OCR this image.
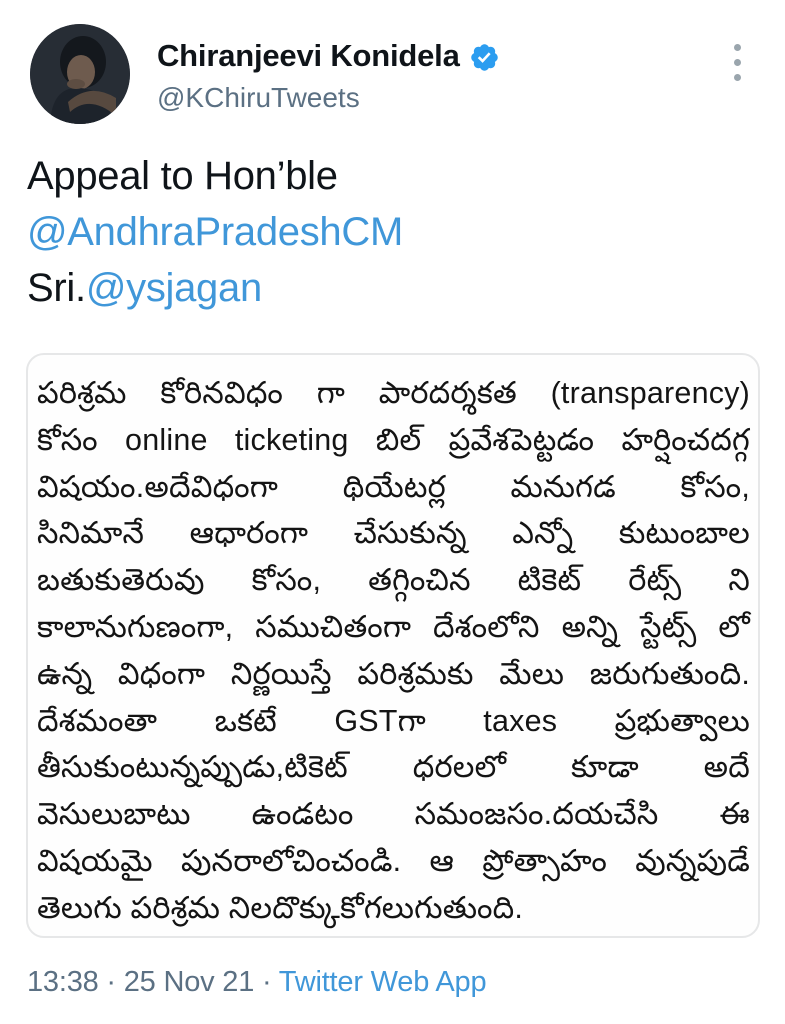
Chiranjeevi Konidela
@KChiruTweets
Appeal to Hon’ble
@AndhraPradeshCM
Sri.@ysjagan
పరిశ్రమ కోరినవిధం గా పారదర్శకత (transparency)
కోసం online ticketing బిల్ ప్రవేశపెట్టడం హర్షించదగ్గ
విషయం.అదేవిధంగా థియేటర్ల మనుగడ కోసం,
సినిమానే ఆధారంగా చేసుకున్న ఎన్నో కుటుంబాల
బతుకుతెరువు కోసం, తగ్గించిన టికెట్ రేట్స్ ని
కాలానుగుణంగా, సముచితంగా దేశంలోని అన్ని స్టేట్స్ లో
ఉన్న విధంగా నిర్ణయిస్తే పరిశ్రమకు మేలు జరుగుతుంది.
దేశమంతా ఒకటే GSTగా taxes ప్రభుత్వాలు
తీసుకుంటున్నప్పుడు,టికెట్ ధరలలో కూడా అదే
వెసులుబాటు ఉండటం సమంజసం.దయచేసి ఈ
విషయమై పునరాలోచించండి. ఆ ప్రోత్సాహం వున్నపుడే
తెలుగు పరిశ్రమ నిలదొక్కుకోగలుగుతుంది.
13:38 · 25 Nov 21 · Twitter Web App
